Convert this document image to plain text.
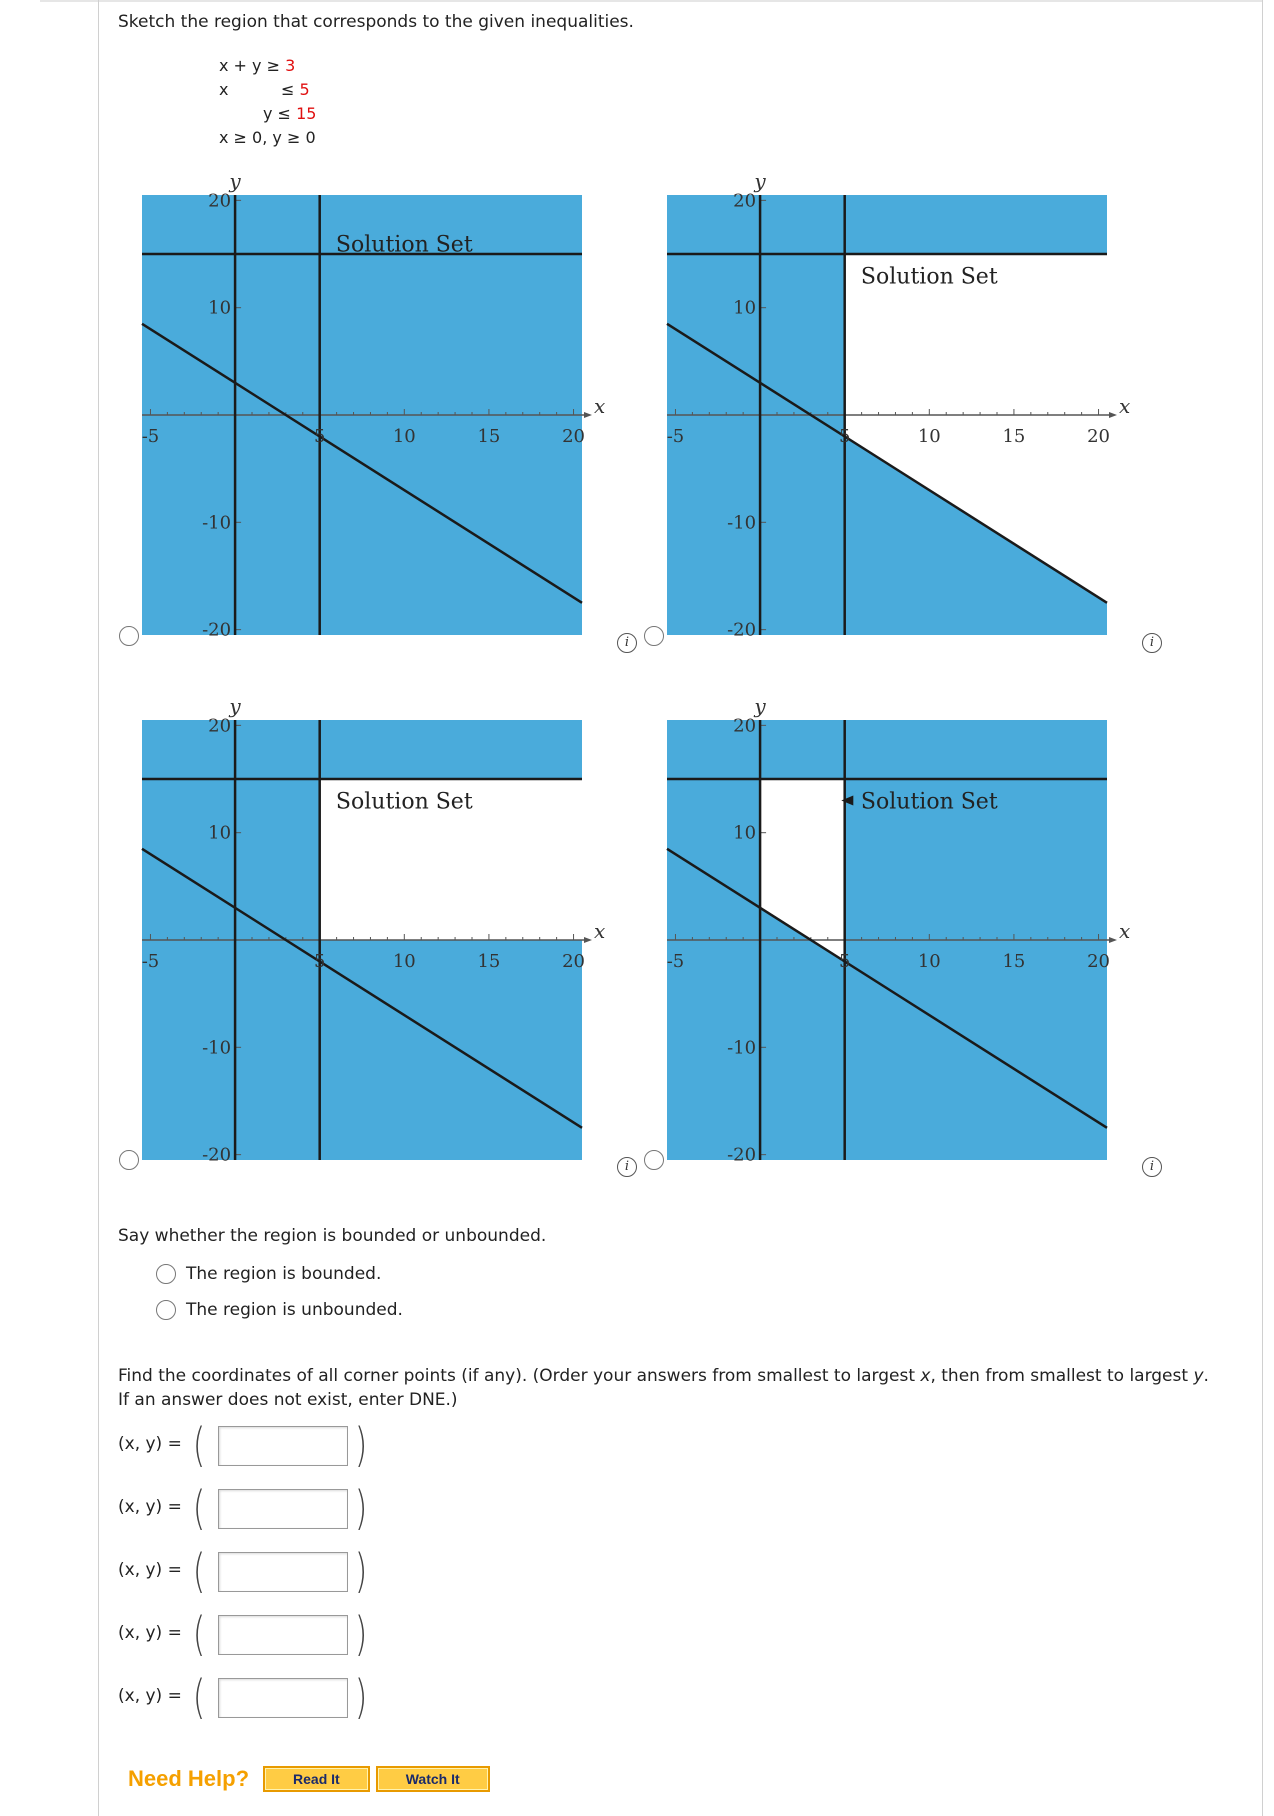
Sketch the region that corresponds to the given inequalities.
x + y ≥ 3
x	≤ 5
y ≤ 15
x ≥ 0, y ≥ 0
-5	5	10	15	20
20
10
-10
-20
y
x
Solution Set
-5	5	10	15	20
20
10
-10
-20
y
x
Solution Set
-5	5	10	15	20
20
10
-10
-20
y
x
Solution Set
-5	5	10	15	20
20
10
-10
-20
y
x
Solution Set
i	i
i	i
Say whether the region is bounded or unbounded.
The region is bounded.
The region is unbounded.
Find the coordinates of all corner points (if any). (Order your answers from smallest to largest x, then from smallest to largest y.
If an answer does not exist, enter DNE.)
(x, y) = (	)
(x, y) = (	)
(x, y) = (	)
(x, y) = (	)
(x, y) = (	)
Need Help?	Read It	Watch It
